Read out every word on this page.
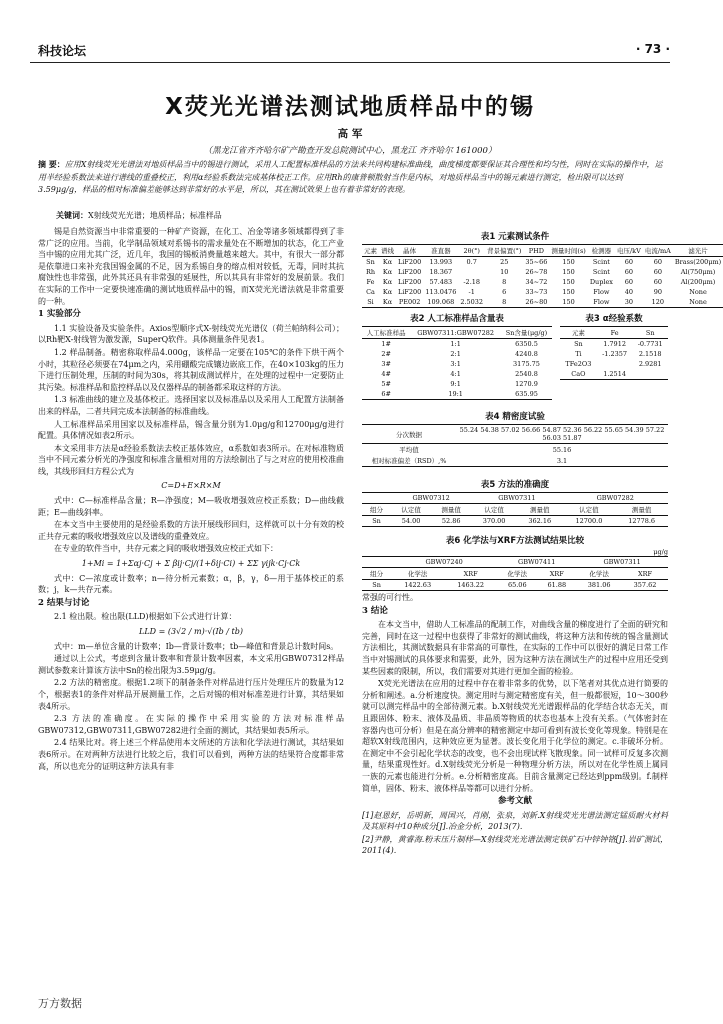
科技论坛	· 73 ·
X荧光光谱法测试地质样品中的锡
高 军
（黑龙江省齐齐哈尔矿产勘查开发总院测试中心，黑龙江 齐齐哈尔 161000）
摘 要：应用X射线荧光光谱法对地质样品当中的锡进行测试，采用人工配置标准样品的方法来共同构建标准曲线，曲度梯度都要保证其合理性和均匀性，同时在实际的操作中，运用半经验系数法来进行谱线的重叠校正，利用α经验系数法完成基体校正工作。应用Rh的康普顿散射当作是内标，对地质样品当中的锡元素进行测定，检出限可以达到3.59μg/g，样品的相对标准偏差能够达到非常好的水平是，所以，其在测试效果上也有着非常好的表现。
关键词：X射线荧光光谱；地质样品；标准样品

锡是自然资源当中非常重要的一种矿产资源，在化工、冶金等诸多领域都得到了非常广泛的应用。当前，化学制品领域对系锡书的需求量处在不断增加的状态，化工产业当中锡的应用尤其广泛，近几年，我国的锡板消费量越来越大。其中，有很大一部分都是依靠进口来补充我国锡金属的不足，因为系锡自身的熔点相对较低，无毒，同时其抗腐蚀性也非常强，此外其还具有非常强的延展性，所以其具有非常好的发展前景。我们在实际的工作中一定要快速准确的测试地质样品中的锡，而X荧光光谱法就是非常重要的一种。

1 实验部分

1.1 实验设备及实验条件。Axios型顺序式X-射线荧光光谱仪（荷兰帕纳科公司）；以Rh靶X-射线管为激发源，SuperQ软件。具体测量条件见表1。

1.2 样品制备。精密称取样品4.000g，该样品一定要在105℃的条件下烘干两个小时，其粒径必须要在74μm之内，采用硼酸完成镶边嵌底工作，在40×103kg的压力下进行压制处理，压制的时间为30s，将其制成测试样片，在处理的过程中一定要防止其污染。标准样品和监控样品以及仅器样品的制备都采取这样的方法。

1.3 标准曲线的建立及基体校正。选择国家以及标准品以及采用人工配置方法制备出来的样品，二者共同完成本法制备的标准曲线。

人工标准样品采用国家以及标准样品，锡含量分别为1.0μg/g和12700μg/g进行配置。具体情况如表2所示。

本文采用非方法是α经验系数法去校正基体效应，α系数如表3所示。在对标准物质当中不同元素分析光的净强度和标准含量相对用的方法绘制出了与之对应的使用校准曲线，其线形回归方程公式为

C=D+E×R×M

式中：C—标准样品含量；R—净强度；M—吸收增强效应校正系数；D—曲线截距；E—曲线斜率。

在本文当中主要使用的是经验系数的方法开展线形回归，这样就可以十分有效的校正共存元素的吸收增强效应以及谱线的重叠效应。

在专业的软件当中，共存元素之间的吸收增强效应校正式如下：

1+Mi = 1+Σαj·Cj + Σ βij·Cj/(1+δij·Ci) + ΣΣ γijk·Cj·Ck

式中：C—浓度或计数率；n—待分析元素数；α，β，γ，δ—用于基体校正的系数；j，k—共存元素。

2 结果与讨论

2.1 检出限。检出限(LLD)根据如下公式进行计算：

LLD = (3√2 / m)·√(Ib / tb)

式中：m—单位含量的计数率；Ib—背景计数率；tb—峰值和背景总计数时间s。

通过以上公式，考虑到含量计数率和背景计数率因素，本文采用GBW07312样品测试参数来计算该方法中Sn的检出限为3.59μg/g。

2.2 方法的精密度。根据1.2项下的制备条件对样品进行压片处理压片的数量为12个，根据表1的条件对样品开展测量工作，之后对锡的相对标准差进行计算，其结果如表4所示。

2.3 方法的准确度。在实际的操作中采用实验的方法对标准样品GBW07312,GBW07311,GBW07282进行全面的测试，其结果如表5所示。

2.4 结果比对。将上述三个样品使用本文所述的方法和化学法进行测试，其结果如表6所示。在对两种方法进行比较之后，我们可以看到，两种方法的结果符合度都非常高，所以也充分的证明这种方法具有非

表1 元素测试条件
元素	谱线	晶体	准直器	2θ(°)	背景偏置(°)	PHD	测量时间(s)	检测器	电压/kV	电流/mA	滤光片
Sn	Kα	LiF200	13.993	0.7	25	35~66	150	Scint	60	60	Brass(200μm)
Rh	Kα	LiF200	18.367		10	26~78	150	Scint	60	60	Al(750μm)
Fe	Kα	LiF200	57.483	-2.18	8	34~72	150	Duplex	60	60	Al(200μm)
Ca	Kα	LiF200	113.0476	-1	6	33~73	150	Flow	40	90	None
Si	Kα	PE002	109.068	2.5032	8	26~80	150	Flow	30	120	None
表2 人工标准样品含量表
人工标准样品	GBW07311:GBW07282	Sn含量(μg/g)
1#	1:1	6350.5
2#	2:1	4240.8
3#	3:1	3175.75
4#	4:1	2540.8
5#	9:1	1270.9
6#	19:1	635.95
表3 α经验系数
元素	Fe	Sn
Sn	1.7912	-0.7731
Ti	-1.2357	2.1518
TFe2O3		2.9281
CaO	1.2514	
表4 精密度试验
分次数据	55.24 54.38 57.02 56.66 54.87 52.36 56.22 55.65 54.39 57.22 56.03 51.87
平均值	55.16
相对标准偏差（RSD）,%	3.1
表5 方法的准确度
	GBW07312		GBW07311		GBW07282	
组分	认定值	测量值	认定值	测量值	认定值	测量值
Sn	54.00	52.86	370.00	362.16	12700.0	12778.6
表6 化学法与XRF方法测试结果比较
μg/g
	GBW07240		GBW07411		GBW07311	
组分	化学法	XRF	化学法	XRF	化学法	XRF
Sn	1422.63	1463.22	65.06	61.88	381.06	357.62

常强的可行性。

3 结论

在本文当中，借助人工标准品的配制工作，对曲线含量的梯度进行了全面的研究和完善，同时在这一过程中也获得了非常好的测试曲线，将这种方法和传统的锡含量测试方法相比，其测试数据具有非常高的可靠性，在实际的工作中可以很好的满足日常工作当中对锡测试的具体要求和需要，此外，因为这种方法在测试生产的过程中应用还受到某些因素的限制，所以，我们需要对其进行更加全面的检验。

X荧光光谱法在应用的过程中存在着非常多的优势，以下笔者对其优点进行简要的分析和阐述。a.分析速度快。测定用时与测定精密度有关，但一般都很短，10～300秒就可以测完样品中的全部待测元素。b.X射线荧光光谱跟样品的化学结合状态无关，而且跟固体、粉末、液体及晶质、非晶质等物质的状态也基本上没有关系。（气体密封在容器内也可分析）但是在高分辨率的精密测定中却可看到有波长变化等现象。特别是在超软X射线范围内，这种效应更为显著。波长变化用于化学位的测定。c.非破坏分析。在测定中不会引起化学状态的改变，也不会出现试样飞散现象。同一试样可反复多次测量，结果重现性好。d.X射线荧光分析是一种物理分析方法，所以对在化学性质上属同一族的元素也能进行分析。e.分析精密度高。目前含量测定已经达到ppm级别。f.制样简单，固体、粉末、液体样品等都可以进行分析。

参考文献

[1]赵恩好，岳明新，周国兴，肖刚，张泉，刘新.X射线荧光光谱法测定锰质耐火材料及其原料中10种成分[J].冶金分析，2013(7).

[2]尹静，黄睿海.粉末压片制样—X射线荧光光谱法测定铁矿石中锌钟铬[J].岩矿测试，2011(4).

万方数据
